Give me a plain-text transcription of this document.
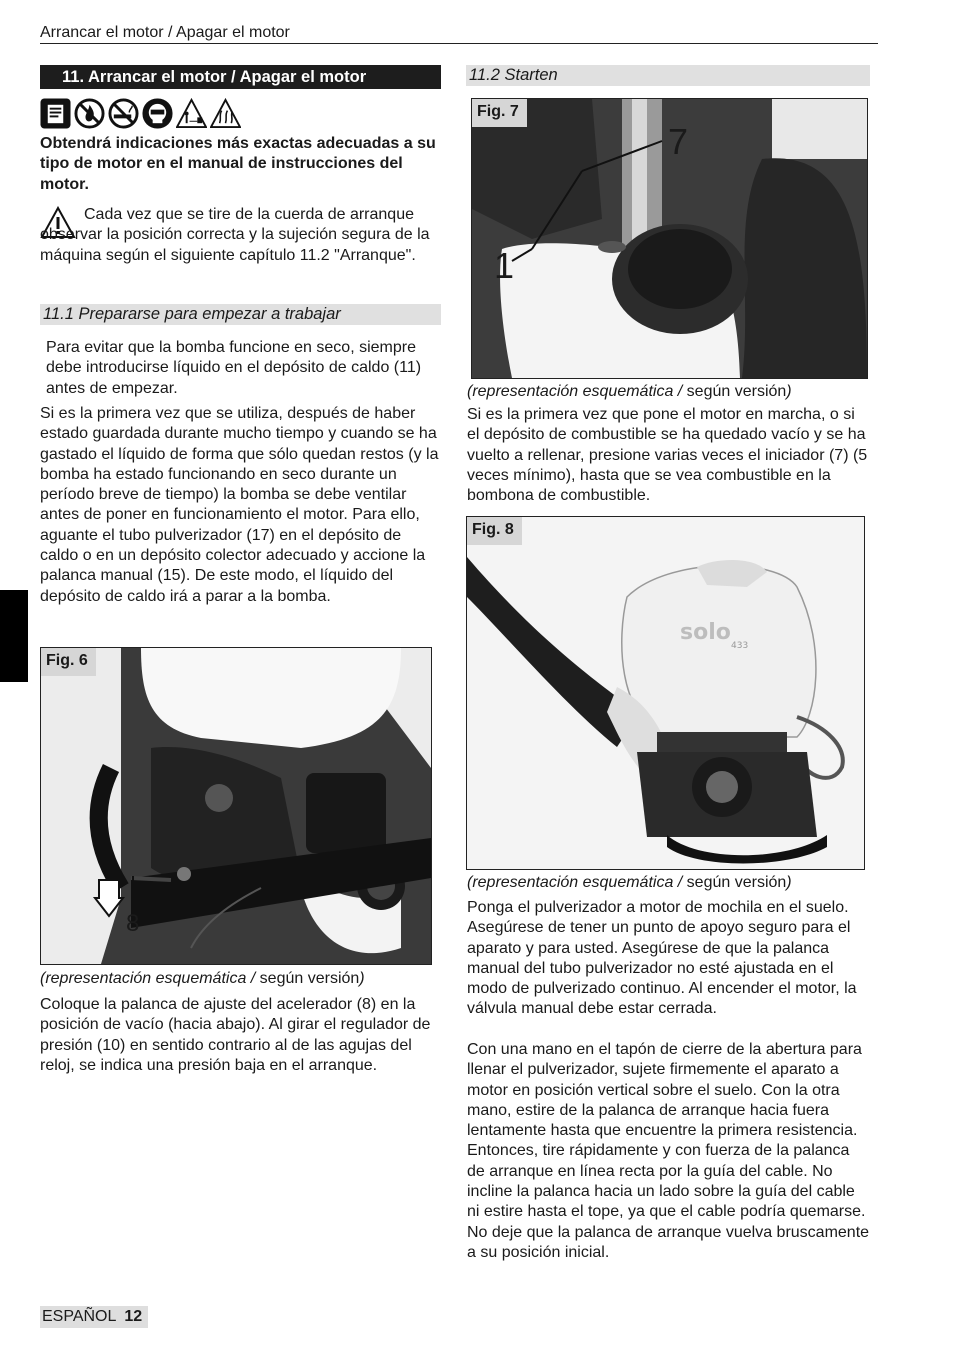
Arrancar el motor / Apagar el motor
11. Arrancar el motor / Apagar el motor
Obtendrá indicaciones más exactas adecuadas a su tipo de motor en el manual de instrucciones del motor.
Cada vez que se tire de la cuerda de arranque observar la posición correcta y la sujeción segura de la máquina según el siguiente capítulo 11.2 "Arranque".
11.1 Prepararse para empezar a trabajar
Para evitar que la bomba funcione en seco, siempre debe introducirse líquido en el depósito de caldo (11) antes de empezar.
Si es la primera vez que se utiliza, después de haber estado guardada durante mucho tiempo y cuando se ha gastado el líquido de forma que sólo quedan restos (y la bomba ha estado funcionando en seco durante un período breve de tiempo) la bomba se debe ventilar antes de poner en funcionamiento el motor. Para ello, aguante el tubo pulverizador (17) en el depósito de caldo o en un depósito colector adecuado y accione la palanca manual (15). De este modo, el líquido del depósito de caldo irá a parar a la bomba.
Fig. 6
8
(representación esquemática / según versión)
Coloque la palanca de ajuste del acelerador (8) en la posición de vacío (hacia abajo). Al girar el regulador de presión (10) en sentido contrario al de las agujas del reloj, se indica una presión baja en el arranque.
11.2 Starten
Fig. 7
7
1
(representación esquemática / según versión)
Si es la primera vez que pone el motor en marcha, o si el depósito de combustible se ha quedado vacío y se ha vuelto a rellenar, presione varias veces el iniciador (7) (5 veces mínimo), hasta que se vea combustible en la bombona de combustible.
solo
433
Fig. 8
(representación esquemática / según versión)
Ponga el pulverizador a motor de mochila en el suelo. Asegúrese de tener un punto de apoyo seguro para el aparato y para usted. Asegúrese de que la palanca manual del tubo pulverizador no esté ajustada en el modo de pulverizado continuo. Al encender el motor, la válvula manual debe estar cerrada.
Con una mano en el tapón de cierre de la abertura para llenar el pulverizador, sujete firmemente el aparato a motor en posición vertical sobre el suelo. Con la otra mano, estire de la palanca de arranque hacia fuera lentamente hasta que encuentre la primera resistencia. Entonces, tire rápidamente y con fuerza de la palanca de arranque en línea recta por la guía del cable. No incline la palanca hacia un lado sobre la guía del cable ni estire hasta el tope, ya que el cable podría quemarse. No deje que la palanca de arranque vuelva bruscamente a su posición inicial.
ESPAÑOL 12
